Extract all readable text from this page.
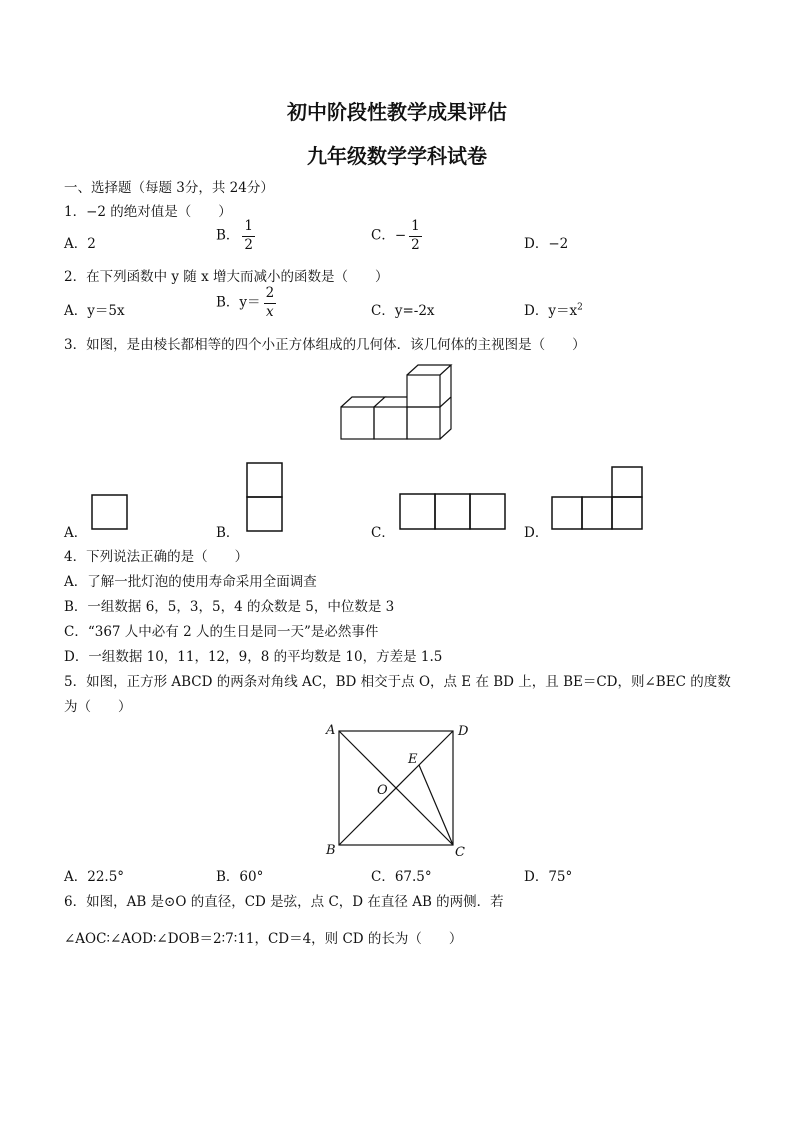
初中阶段性教学成果评估
九年级数学学科试卷
一、选择题（每题 3分，共 24分）
1．−2 的绝对值是（　　）
A．2
B． $\frac{1}{2}$	C．− $\frac{1}{2}$	D．−2
2．在下列函数中 y 随 x 增大而减小的函数是（　　）
A．y＝5x
B．$y= \frac{2}{x}$	C．y=-2x	D．$y=x^2$
3．如图，是由棱长都相等的四个小正方体组成的几何体．该几何体的主视图是（　　）
A．	B．	C．	D．
4．下列说法正确的是（　　）
A．了解一批灯泡的使用寿命采用全面调查
B．一组数据 6，5，3，5，4 的众数是 5，中位数是 3
C．“367 人中必有 2 人的生日是同一天”是必然事件
D．一组数据 10，11，12，9，8 的平均数是 10，方差是 1.5
5．如图，正方形 ABCD 的两条对角线 AC，BD 相交于点 O，点 E 在 BD 上，且 BE＝CD，则∠BEC 的度数
为（　　）
A	D
B	C
O
E
A．22.5°	B．60°	C．67.5°	D．75°
6．如图，AB 是⊙O 的直径，CD 是弦，点 C，D 在直径 AB 的两侧．若
∠AOC∶∠AOD∶∠DOB＝2∶7∶11，CD＝4，则 CD 的长为（　　）
